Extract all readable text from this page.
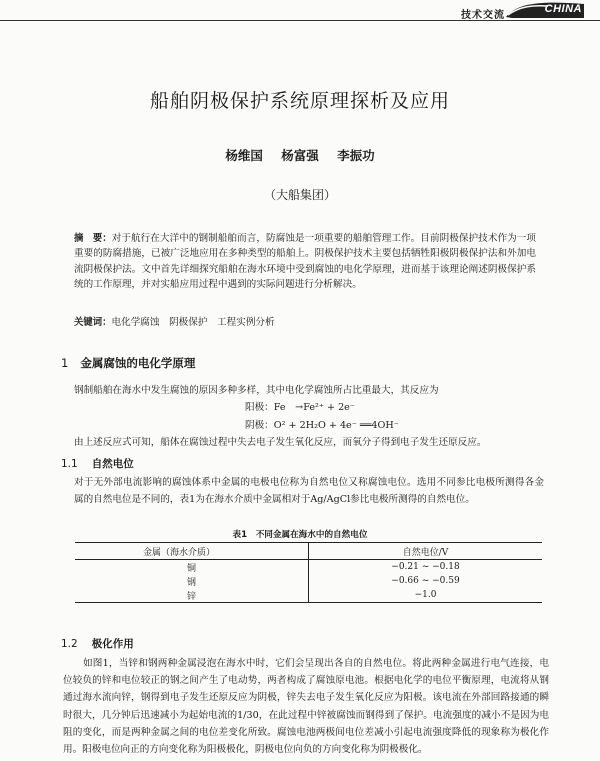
技术交流
CHINA
船舶阴极保护系统原理探析及应用
杨维国 杨富强 李振功
（大船集团）
摘　要：对于航行在大洋中的钢制船舶而言，防腐蚀是一项重要的船舶管理工作。目前阴极保护技术作为一项重要的防腐措施，已被广泛地应用在多种类型的船舶上。阴极保护技术主要包括牺牲阳极阴极保护法和外加电流阴极保护法。文中首先详细探究船舶在海水环境中受到腐蚀的电化学原理，进而基于该理论阐述阴极保护系统的工作原理，并对实船应用过程中遇到的实际问题进行分析解决。
关键词：电化学腐蚀　阴极保护　工程实例分析
1 金属腐蚀的电化学原理
钢制船舶在海水中发生腐蚀的原因多种多样，其中电化学腐蚀所占比重最大，其反应为
阳极：Fe　→Fe²⁺ + 2e⁻
阴极：O² + 2H₂O + 4e⁻ ══4OH⁻
由上述反应式可知，船体在腐蚀过程中失去电子发生氧化反应，而氧分子得到电子发生还原反应。
1.1 自然电位
对于无外部电流影响的腐蚀体系中金属的电极电位称为自然电位又称腐蚀电位。选用不同参比电极所测得各金属的自然电位是不同的，表1为在海水介质中金属相对于Ag/AgCl参比电极所测得的自然电位。
表1　不同金属在海水中的自然电位
金属（海水介质）	自然电位/V
铜	−0.21 ~ −0.18
钢	−0.66 ~ −0.59
锌	−1.0
1.2 极化作用
如图1，当锌和钢两种金属浸泡在海水中时，它们会呈现出各自的自然电位。将此两种金属进行电气连接，电位较负的锌和电位较正的钢之间产生了电动势，两者构成了腐蚀原电池。根据电化学的电位平衡原理，电流将从钢通过海水流向锌，钢得到电子发生还原反应为阴极，锌失去电子发生氧化反应为阳极。该电流在外部回路接通的瞬时很大，几分钟后迅速减小为起始电流的1/30，在此过程中锌被腐蚀而钢得到了保护。电流强度的减小不是因为电阻的变化，而是两种金属之间的电位差变化所致。腐蚀电池两极间电位差减小引起电流强度降低的现象称为极化作用。阳极电位向正的方向变化称为阳极极化，阴极电位向负的方向变化称为阴极极化。
